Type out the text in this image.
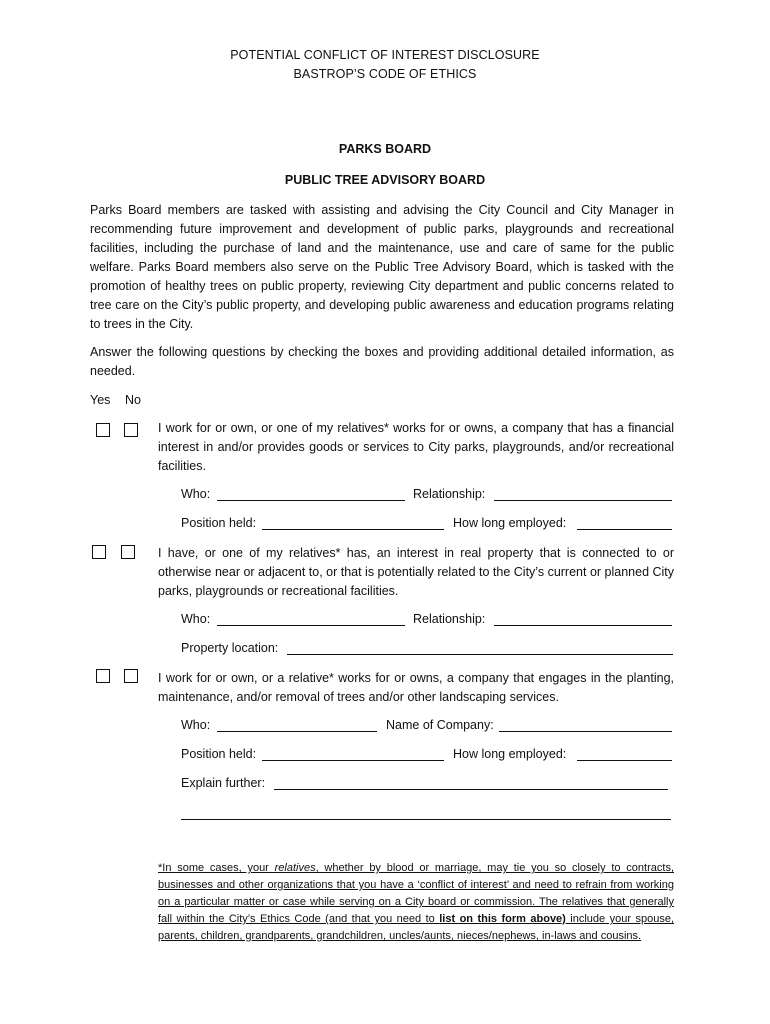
POTENTIAL CONFLICT OF INTEREST DISCLOSURE
BASTROP’S CODE OF ETHICS
PARKS BOARD
PUBLIC TREE ADVISORY BOARD
Parks Board members are tasked with assisting and advising the City Council and City Manager in recommending future improvement and development of public parks, playgrounds and recreational facilities, including the purchase of land and the maintenance, use and care of same for the public welfare. Parks Board members also serve on the Public Tree Advisory Board, which is tasked with the promotion of healthy trees on public property, reviewing City department and public concerns related to tree care on the City’s public property, and developing public awareness and education programs relating to trees in the City.
Answer the following questions by checking the boxes and providing additional detailed information, as needed.
Yes No
I work for or own, or one of my relatives* works for or owns, a company that has a financial interest in and/or provides goods or services to City parks, playgrounds, and/or recreational facilities.
Who:	Relationship:
Position held:	How long employed:
I have, or one of my relatives* has, an interest in real property that is connected to or otherwise near or adjacent to, or that is potentially related to the City’s current or planned City parks, playgrounds or recreational facilities.
Who:	Relationship:
Property location:
I work for or own, or a relative* works for or owns, a company that engages in the planting, maintenance, and/or removal of trees and/or other landscaping services.
Who:	Name of Company:
Position held:	How long employed:
Explain further:
*In some cases, your relatives, whether by blood or marriage, may tie you so closely to contracts, businesses and other organizations that you have a ‘conflict of interest’ and need to refrain from working on a particular matter or case while serving on a City board or commission. The relatives that generally fall within the City’s Ethics Code (and that you need to list on this form above) include your spouse, parents, children, grandparents, grandchildren, uncles/aunts, nieces/nephews, in-laws and cousins.
